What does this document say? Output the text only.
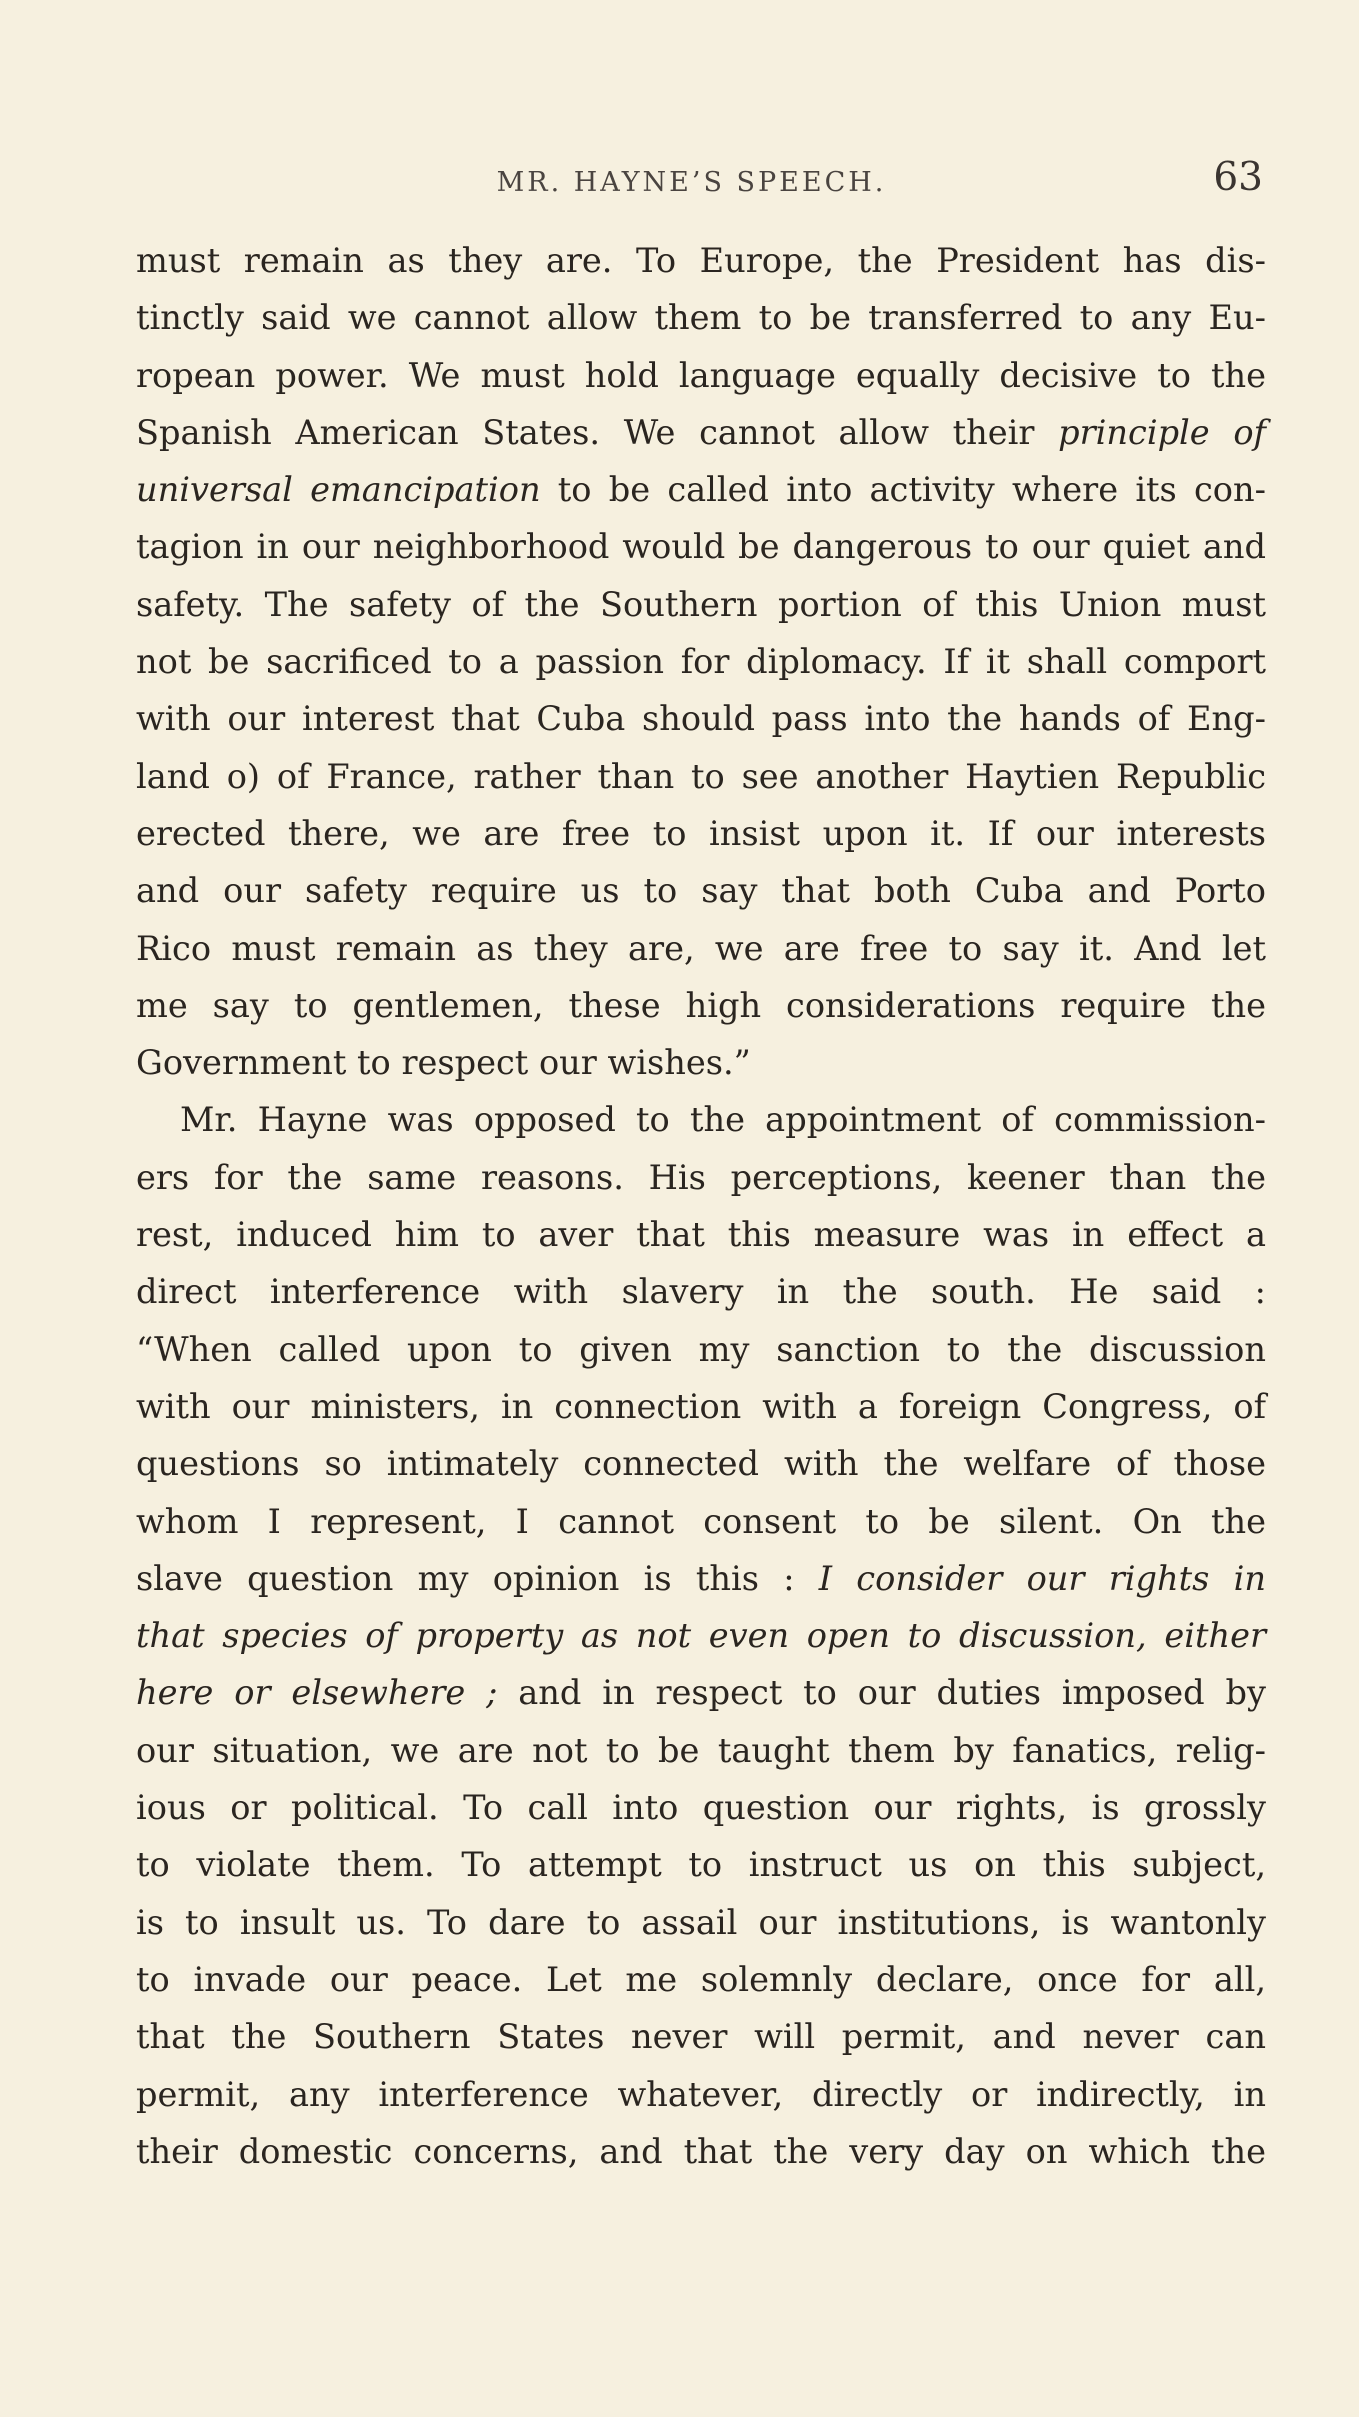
MR. HAYNE’S SPEECH.	63
must remain as they are. To Europe, the President has dis-
tinctly said we cannot allow them to be transferred to any Eu-
ropean power. We must hold language equally decisive to the
Spanish American States. We cannot allow their principle of
universal emancipation to be called into activity where its con-
tagion in our neighborhood would be dangerous to our quiet and
safety. The safety of the Southern portion of this Union must
not be sacrificed to a passion for diplomacy. If it shall comport
with our interest that Cuba should pass into the hands of Eng-
land o) of France, rather than to see another Haytien Republic
erected there, we are free to insist upon it. If our interests
and our safety require us to say that both Cuba and Porto
Rico must remain as they are, we are free to say it. And let
me say to gentlemen, these high considerations require the
Government to respect our wishes.”
Mr. Hayne was opposed to the appointment of commission-
ers for the same reasons. His perceptions, keener than the
rest, induced him to aver that this measure was in effect a
direct interference with slavery in the south. He said :
“When called upon to given my sanction to the discussion
with our ministers, in connection with a foreign Congress, of
questions so intimately connected with the welfare of those
whom I represent, I cannot consent to be silent. On the
slave question my opinion is this : I consider our rights in
that species of property as not even open to discussion, either
here or elsewhere ; and in respect to our duties imposed by
our situation, we are not to be taught them by fanatics, relig-
ious or political. To call into question our rights, is grossly
to violate them. To attempt to instruct us on this subject,
is to insult us. To dare to assail our institutions, is wantonly
to invade our peace. Let me solemnly declare, once for all,
that the Southern States never will permit, and never can
permit, any interference whatever, directly or indirectly, in
their domestic concerns, and that the very day on which the
